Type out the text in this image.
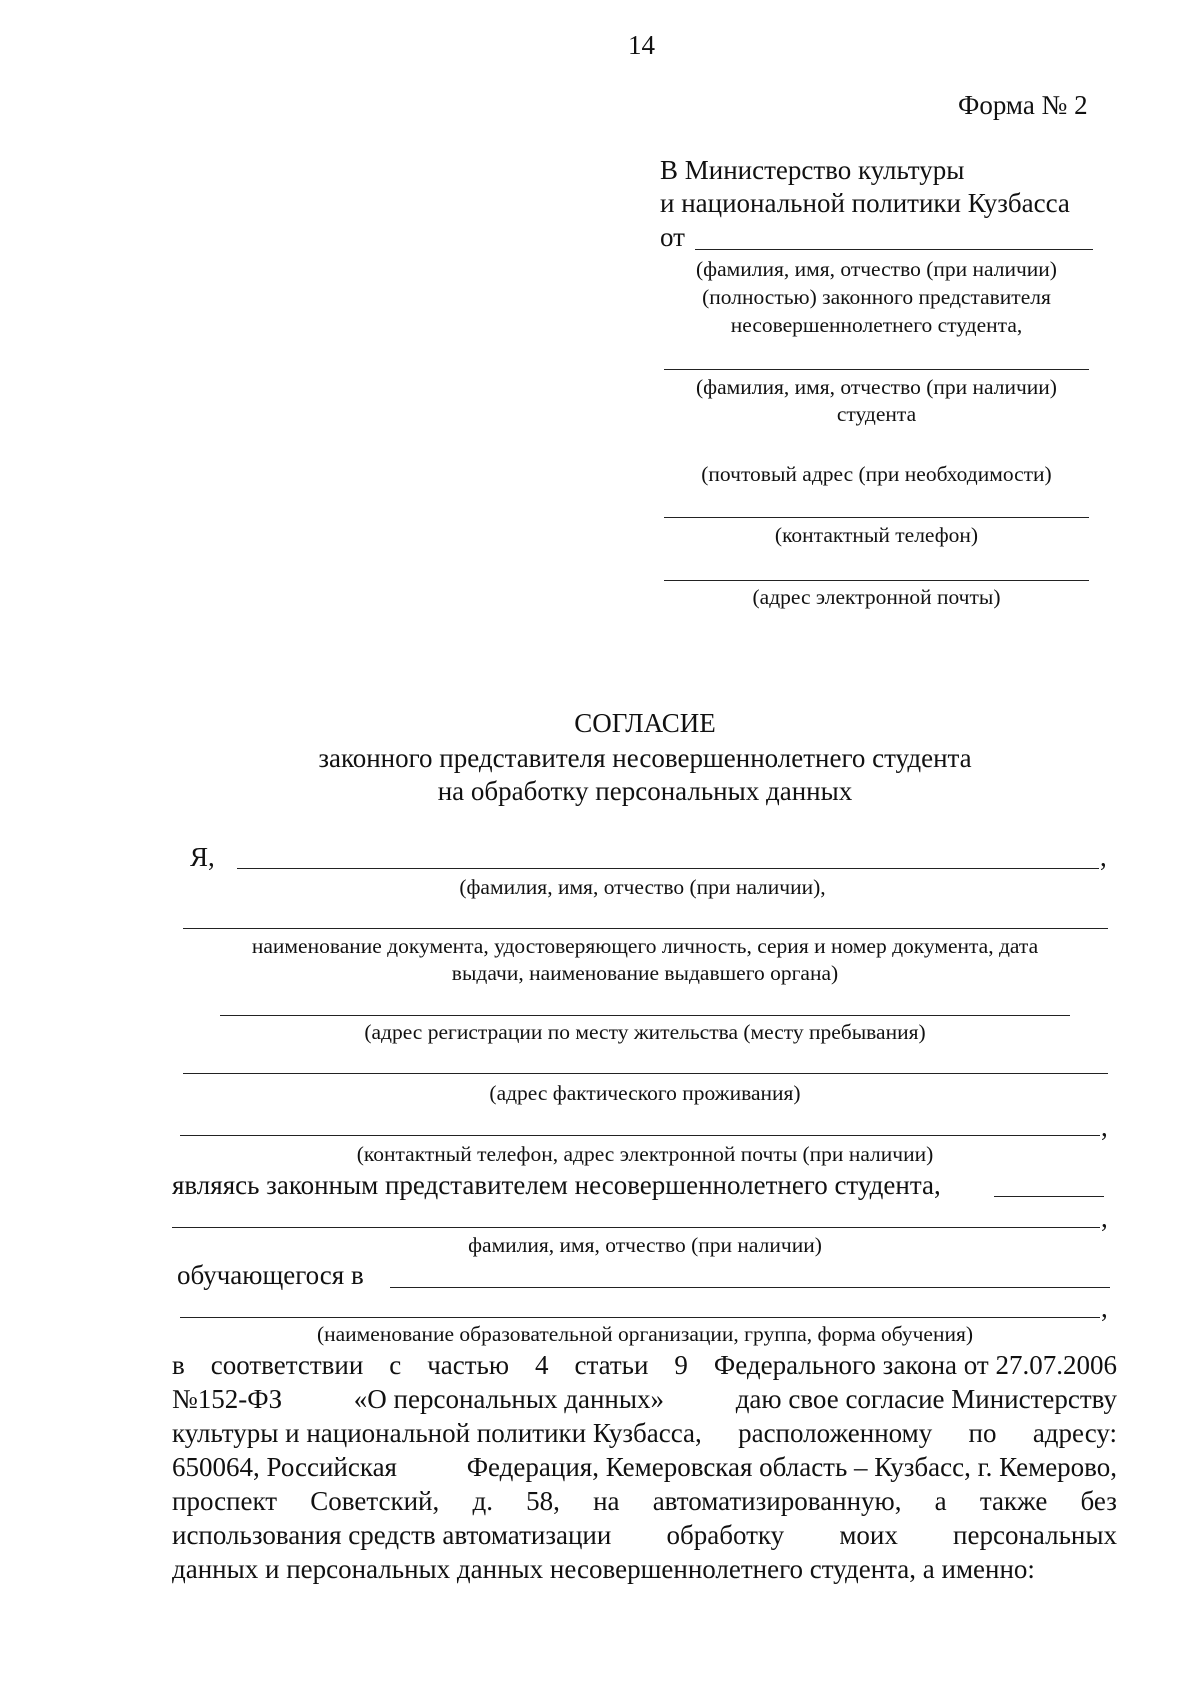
14
Форма № 2
В Министерство культуры
и национальной политики Кузбасса
от
(фамилия, имя, отчество (при наличии)
(полностью) законного представителя
несовершеннолетнего студента,
(фамилия, имя, отчество (при наличии)
студента
(почтовый адрес (при необходимости)
(контактный телефон)
(адрес электронной почты)
СОГЛАСИЕ
законного представителя несовершеннолетнего студента
на обработку персональных данных
Я,	,
(фамилия, имя, отчество (при наличии),
наименование документа, удостоверяющего личность, серия и номер документа, дата
выдачи, наименование выдавшего органа)
(адрес регистрации по месту жительства (месту пребывания)
(адрес фактического проживания)
,
(контактный телефон, адрес электронной почты (при наличии)
являясь законным представителем несовершеннолетнего студента,
,
фамилия, имя, отчество (при наличии)
обучающегося в
,
(наименование образовательной организации, группа, форма обучения)
в соответствии с частью 4 статьи 9 Федерального закона от 27.07.2006
№152-ФЗ	«О персональных данных»	даю свое согласие Министерству
культуры и национальной политики Кузбасса, расположенному по адресу:
650064, Российская	Федерация, Кемеровская область – Кузбасс, г. Кемерово,
проспект Советский, д. 58, на автоматизированную, а также без
использования средств автоматизации обработку моих персональных
данных и персональных данных несовершеннолетнего студента, а именно:
